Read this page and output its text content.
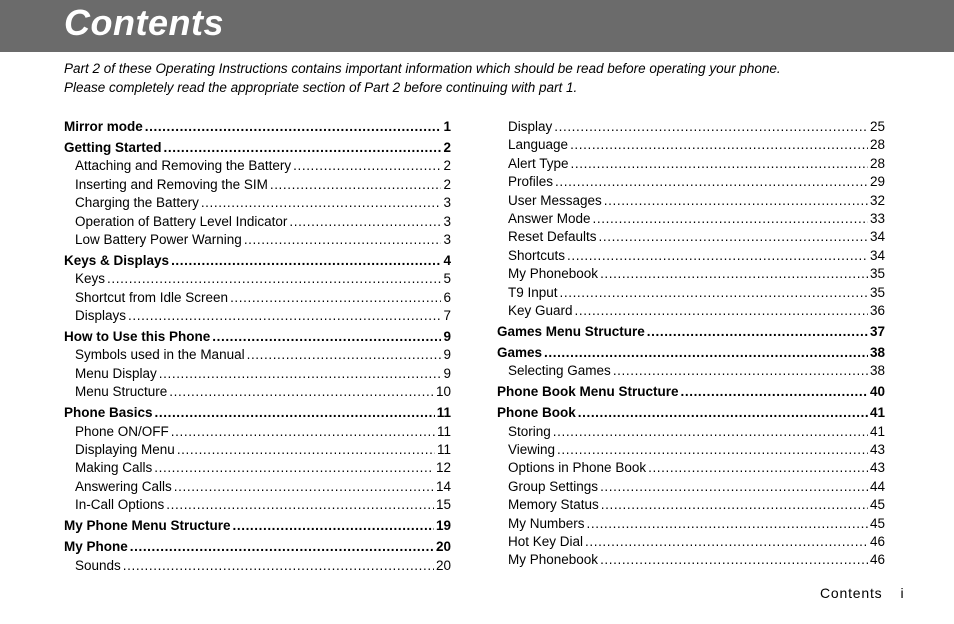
Contents

Part 2 of these Operating Instructions contains important information which should be read before operating your phone.

Please completely read the appropriate section of Part 2 before continuing with part 1.

Mirror mode .....	1
Getting Started .....	2
Attaching and Removing the Battery .....	2
Inserting and Removing the SIM .....	2
Charging the Battery .....	3
Operation of Battery Level Indicator .....	3
Low Battery Power Warning .....	3
Keys & Displays .....	4
Keys .....	5
Shortcut from Idle Screen .....	6
Displays .....	7
How to Use this Phone .....	9
Symbols used in the Manual .....	9
Menu Display .....	9
Menu Structure .....	10
Phone Basics .....	11
Phone ON/OFF .....	11
Displaying Menu .....	11
Making Calls .....	12
Answering Calls .....	14
In-Call Options .....	15
My Phone Menu Structure .....	19
My Phone .....	20
Sounds .....	20
Display .....	25
Language .....	28
Alert Type .....	28
Profiles .....	29
User Messages .....	32
Answer Mode .....	33
Reset Defaults .....	34
Shortcuts .....	34
My Phonebook .....	35
T9 Input .....	35
Key Guard .....	36
Games Menu Structure .....	37
Games .....	38
Selecting Games .....	38
Phone Book Menu Structure .....	40
Phone Book .....	41
Storing .....	41
Viewing .....	43
Options in Phone Book .....	43
Group Settings .....	44
Memory Status .....	45
My Numbers .....	45
Hot Key Dial .....	46
My Phonebook .....	46
Contents i
